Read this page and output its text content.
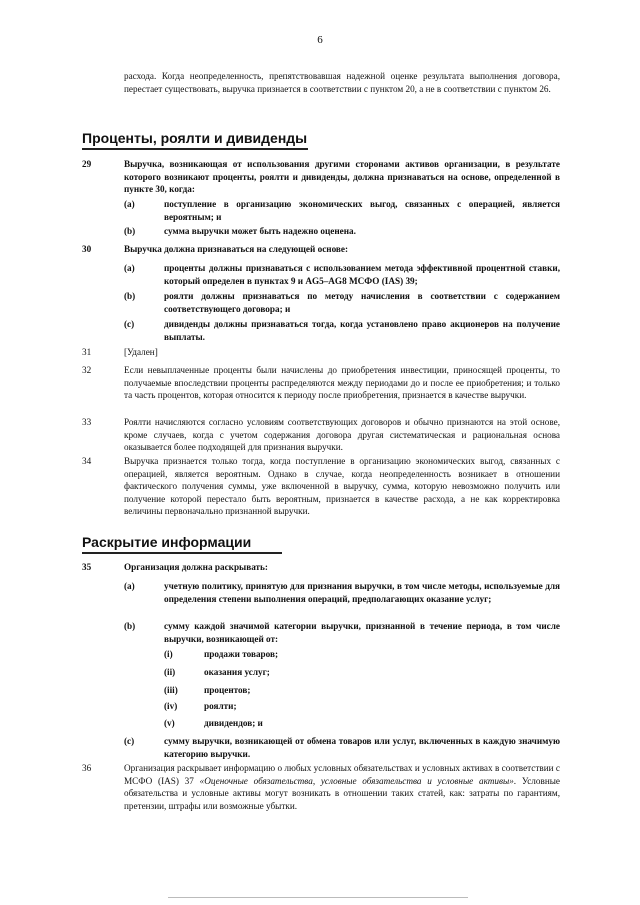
6
расхода. Когда неопределенность, препятствовавшая надежной оценке результата выполнения договора, перестает существовать, выручка признается в соответствии с пунктом 20, а не в соответствии с пунктом 26.
Проценты, роялти и дивиденды
29	Выручка, возникающая от использования другими сторонами активов организации, в результате которого возникают проценты, роялти и дивиденды, должна признаваться на основе, определенной в пункте 30, когда:
(a)	поступление в организацию экономических выгод, связанных с операцией, является вероятным; и
(b)	сумма выручки может быть надежно оценена.
30	Выручка должна признаваться на следующей основе:
(a)	проценты должны признаваться с использованием метода эффективной процентной ставки, который определен в пунктах 9 и AG5–AG8 МСФО (IAS) 39;
(b)	роялти должны признаваться по методу начисления в соответствии с содержанием соответствующего договора; и
(c)	дивиденды должны признаваться тогда, когда установлено право акционеров на получение выплаты.
31	[Удален]
32	Если невыплаченные проценты были начислены до приобретения инвестиции, приносящей проценты, то получаемые впоследствии проценты распределяются между периодами до и после ее приобретения; и только та часть процентов, которая относится к периоду после приобретения, признается в качестве выручки.
33	Роялти начисляются согласно условиям соответствующих договоров и обычно признаются на этой основе, кроме случаев, когда с учетом содержания договора другая систематическая и рациональная основа оказывается более подходящей для признания выручки.
34	Выручка признается только тогда, когда поступление в организацию экономических выгод, связанных с операцией, является вероятным. Однако в случае, когда неопределенность возникает в отношении фактического получения суммы, уже включенной в выручку, сумма, которую невозможно получить или получение которой перестало быть вероятным, признается в качестве расхода, а не как корректировка величины первоначально признанной выручки.
Раскрытие информации
35	Организация должна раскрывать:
(a)	учетную политику, принятую для признания выручки, в том числе методы, используемые для определения степени выполнения операций, предполагающих оказание услуг;
(b)	сумму каждой значимой категории выручки, признанной в течение периода, в том числе выручки, возникающей от:
(i)	продажи товаров;
(ii)	оказания услуг;
(iii)	процентов;
(iv)	роялти;
(v)	дивидендов; и
(c)	сумму выручки, возникающей от обмена товаров или услуг, включенных в каждую значимую категорию выручки.
36	Организация раскрывает информацию о любых условных обязательствах и условных активах в соответствии с МСФО (IAS) 37 «Оценочные обязательства, условные обязательства и условные активы». Условные обязательства и условные активы могут возникать в отношении таких статей, как: затраты по гарантиям, претензии, штрафы или возможные убытки.
